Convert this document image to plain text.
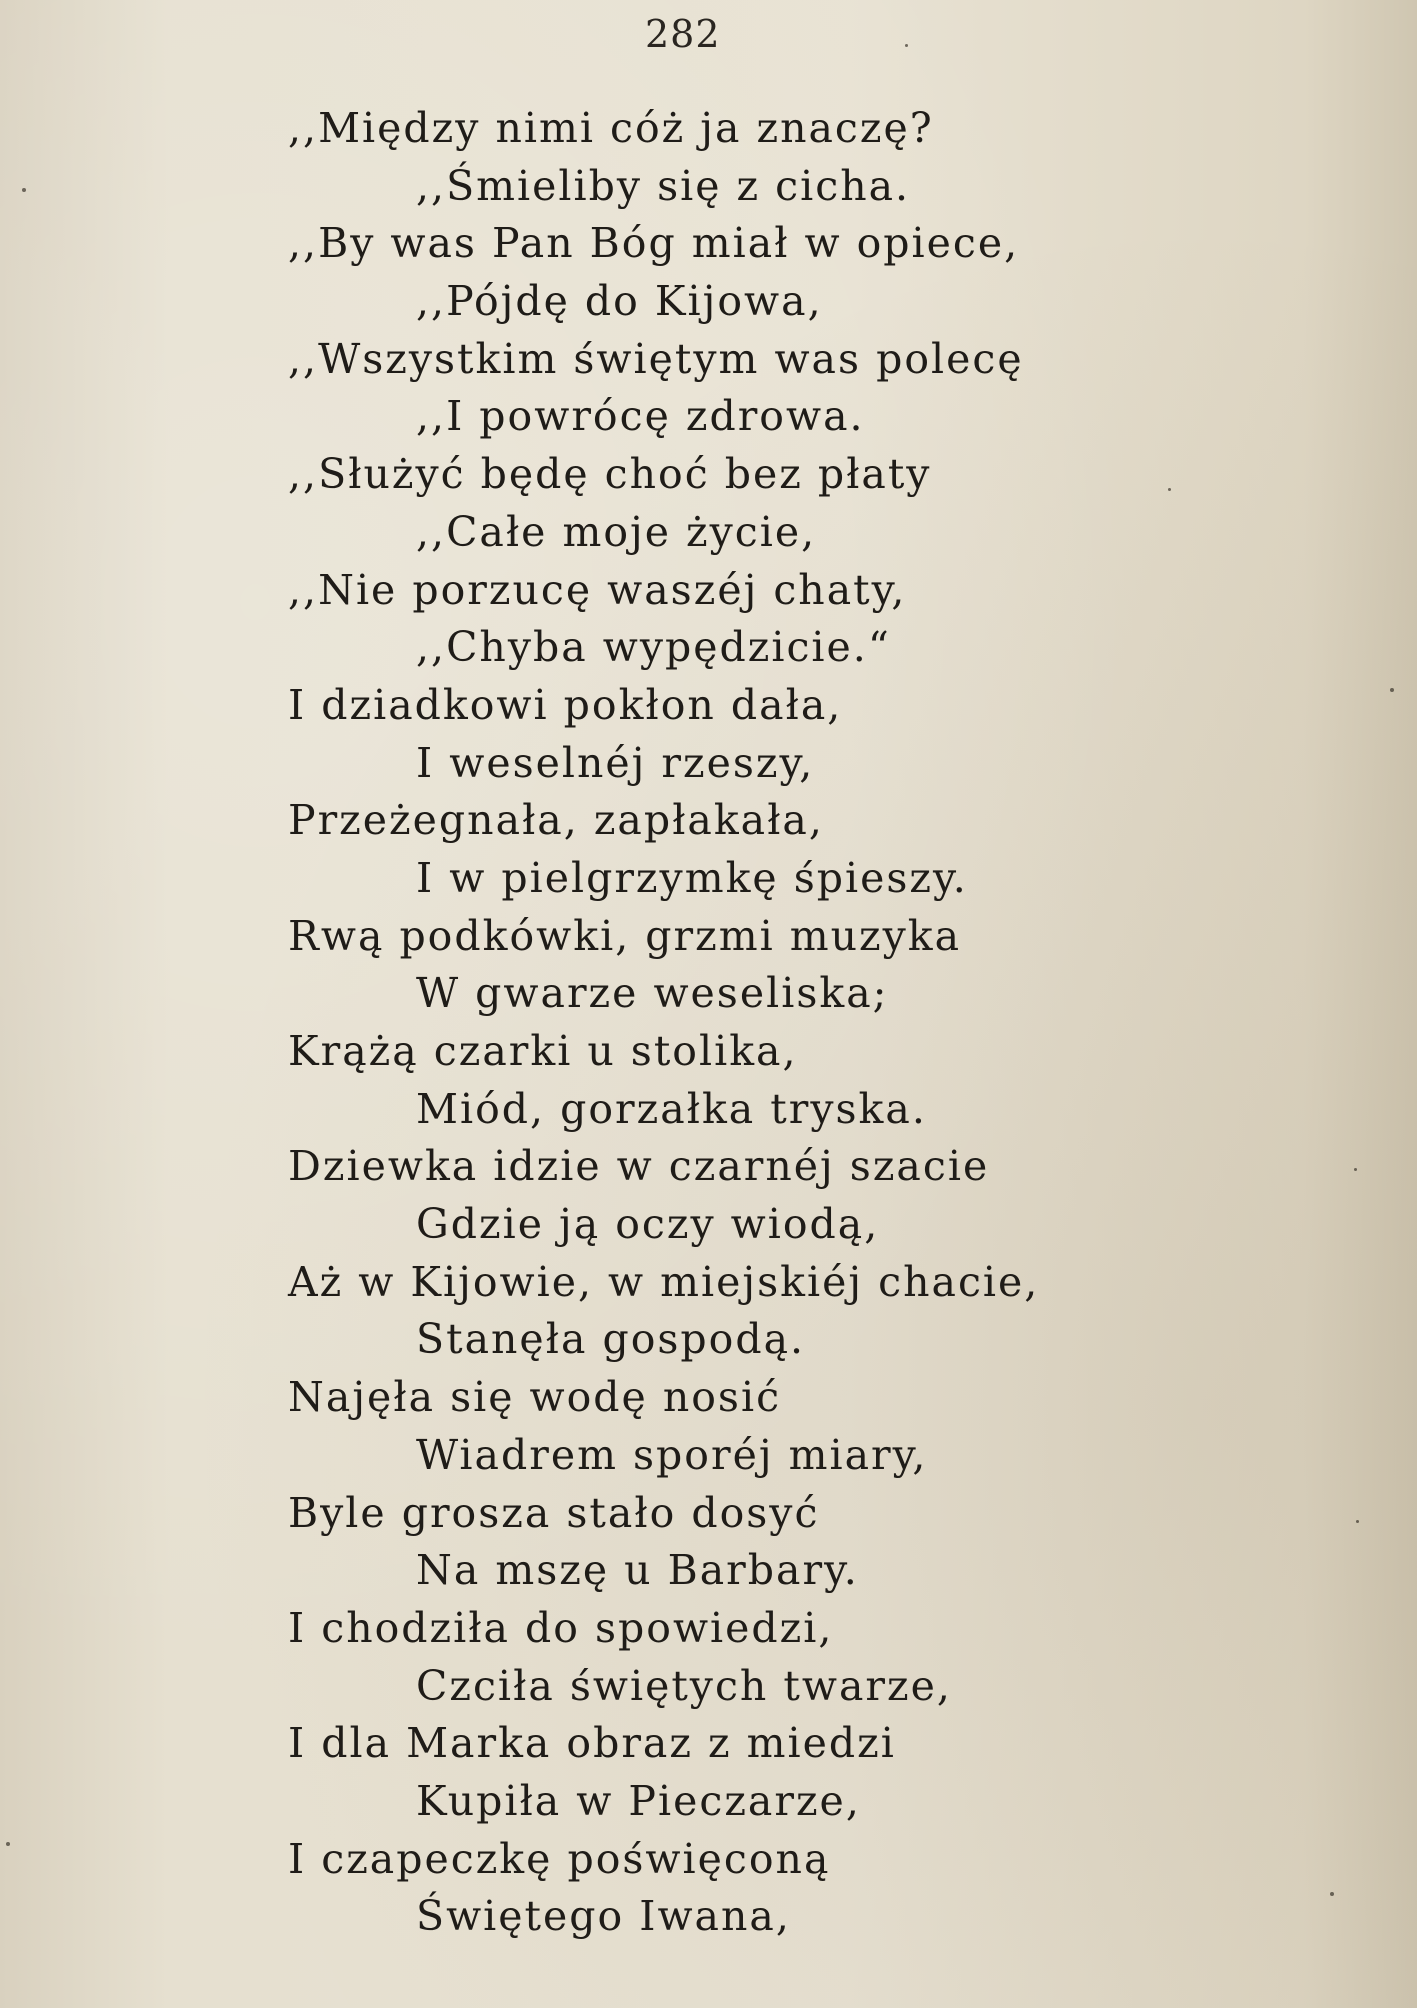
282
,,Między nimi cóż ja znaczę?
,,Śmieliby się z cicha.
,,By was Pan Bóg miał w opiece,
,,Pójdę do Kijowa,
,,Wszystkim świętym was polecę
,,I powrócę zdrowa.
,,Służyć będę choć bez płaty
,,Całe moje życie,
,,Nie porzucę waszéj chaty,
,,Chyba wypędzicie.“
I dziadkowi pokłon dała,
I weselnéj rzeszy,
Przeżegnała, zapłakała,
I w pielgrzymkę śpieszy.
Rwą podkówki, grzmi muzyka
W gwarze weseliska;
Krążą czarki u stolika,
Miód, gorzałka tryska.
Dziewka idzie w czarnéj szacie
Gdzie ją oczy wiodą,
Aż w Kijowie, w miejskiéj chacie,
Stanęła gospodą.
Najęła się wodę nosić
Wiadrem sporéj miary,
Byle grosza stało dosyć
Na mszę u Barbary.
I chodziła do spowiedzi,
Czciła świętych twarze,
I dla Marka obraz z miedzi
Kupiła w Pieczarze,
I czapeczkę poświęconą
Świętego Iwana,
